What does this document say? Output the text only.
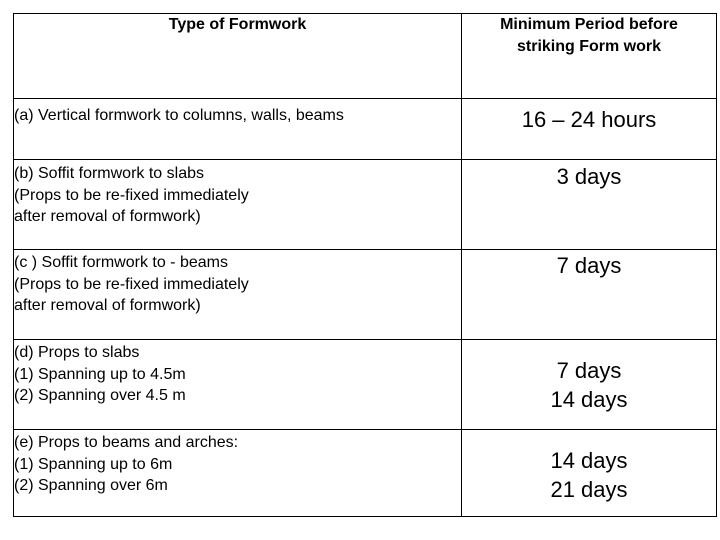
Type of Formwork	Minimum Period before
striking Form work

(a) Vertical formwork to columns, walls, beams	16 – 24 hours

(b) Soffit formwork to slabs
(Props to be re-fixed immediately
after removal of formwork)	3 days

(c ) Soffit formwork to - beams
(Props to be re-fixed immediately
after removal of formwork)	7 days

(d) Props to slabs
(1) Spanning up to 4.5m
(2) Spanning over 4.5 m	7 days
14 days

(e) Props to beams and arches:
(1) Spanning up to 6m
(2) Spanning over 6m	14 days
21 days
